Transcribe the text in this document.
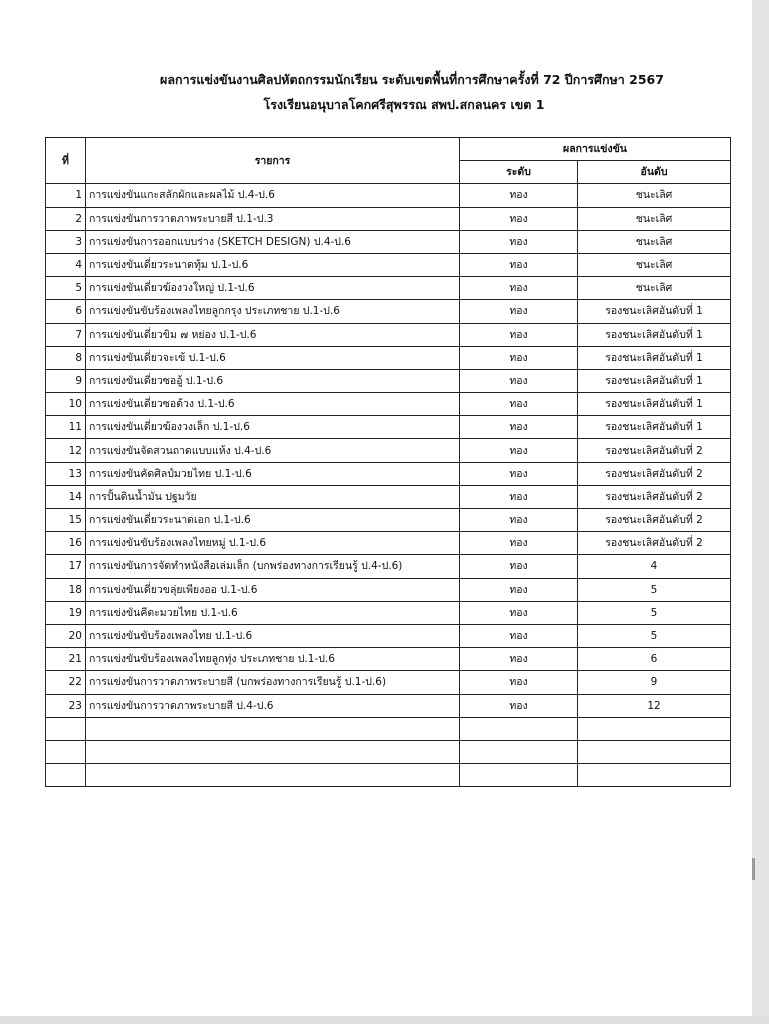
ผลการแข่งขันงานศิลปหัตถกรรมนักเรียน ระดับเขตพื้นที่การศึกษาครั้งที่ 72 ปีการศึกษา 2567
โรงเรียนอนุบาลโคกศรีสุพรรณ สพป.สกลนคร เขต 1
ที่	รายการ	ผลการแข่งขัน	
		ระดับ	อันดับ
1	การแข่งขันแกะสลักผักและผลไม้ ป.4-ป.6	ทอง	ชนะเลิศ
2	การแข่งขันการวาดภาพระบายสี ป.1-ป.3	ทอง	ชนะเลิศ
3	การแข่งขันการออกแบบร่าง (SKETCH DESIGN) ป.4-ป.6	ทอง	ชนะเลิศ
4	การแข่งขันเดี่ยวระนาดทุ้ม ป.1-ป.6	ทอง	ชนะเลิศ
5	การแข่งขันเดี่ยวฆ้องวงใหญ่ ป.1-ป.6	ทอง	ชนะเลิศ
6	การแข่งขันขับร้องเพลงไทยลูกกรุง ประเภทชาย ป.1-ป.6	ทอง	รองชนะเลิศอันดับที่ 1
7	การแข่งขันเดี่ยวขิม ๗ หย่อง ป.1-ป.6	ทอง	รองชนะเลิศอันดับที่ 1
8	การแข่งขันเดี่ยวจะเข้ ป.1-ป.6	ทอง	รองชนะเลิศอันดับที่ 1
9	การแข่งขันเดี่ยวซออู้ ป.1-ป.6	ทอง	รองชนะเลิศอันดับที่ 1
10	การแข่งขันเดี่ยวซอด้วง ป.1-ป.6	ทอง	รองชนะเลิศอันดับที่ 1
11	การแข่งขันเดี่ยวฆ้องวงเล็ก ป.1-ป.6	ทอง	รองชนะเลิศอันดับที่ 1
12	การแข่งขันจัดสวนถาดแบบแห้ง ป.4-ป.6	ทอง	รองชนะเลิศอันดับที่ 2
13	การแข่งขันคัดศิลป์มวยไทย ป.1-ป.6	ทอง	รองชนะเลิศอันดับที่ 2
14	การปั้นดินน้ำมัน ปฐมวัย	ทอง	รองชนะเลิศอันดับที่ 2
15	การแข่งขันเดี่ยวระนาดเอก ป.1-ป.6	ทอง	รองชนะเลิศอันดับที่ 2
16	การแข่งขันขับร้องเพลงไทยหมู่ ป.1-ป.6	ทอง	รองชนะเลิศอันดับที่ 2
17	การแข่งขันการจัดทำหนังสือเล่มเล็ก (บกพร่องทางการเรียนรู้ ป.4-ป.6)	ทอง	4
18	การแข่งขันเดี่ยวขลุ่ยเพียงออ ป.1-ป.6	ทอง	5
19	การแข่งขันคีตะมวยไทย ป.1-ป.6	ทอง	5
20	การแข่งขันขับร้องเพลงไทย ป.1-ป.6	ทอง	5
21	การแข่งขันขับร้องเพลงไทยลูกทุ่ง ประเภทชาย ป.1-ป.6	ทอง	6
22	การแข่งขันการวาดภาพระบายสี (บกพร่องทางการเรียนรู้ ป.1-ป.6)	ทอง	9
23	การแข่งขันการวาดภาพระบายสี ป.4-ป.6	ทอง	12
